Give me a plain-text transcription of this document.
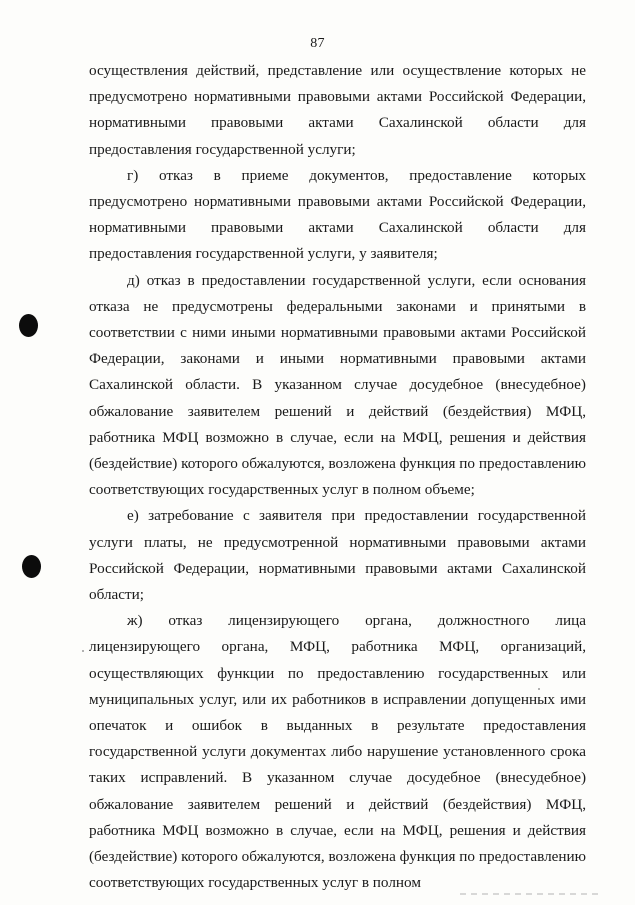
87

осуществления действий, представление или осуществление которых не предусмотрено нормативными правовыми актами Российской Федерации, нормативными правовыми актами Сахалинской области для предоставления государственной услуги;

г) отказ в приеме документов, предоставление которых предусмотрено нормативными правовыми актами Российской Федерации, нормативными правовыми актами Сахалинской области для предоставления государственной услуги, у заявителя;

д) отказ в предоставлении государственной услуги, если основания отказа не предусмотрены федеральными законами и принятыми в соответствии с ними иными нормативными правовыми актами Российской Федерации, законами и иными нормативными правовыми актами Сахалинской области. В указанном случае досудебное (внесудебное) обжалование заявителем решений и действий (бездействия) МФЦ, работника МФЦ возможно в случае, если на МФЦ, решения и действия (бездействие) которого обжалуются, возложена функция по предоставлению соответствующих государственных услуг в полном объеме;

е) затребование с заявителя при предоставлении государственной услуги платы, не предусмотренной нормативными правовыми актами Российской Федерации, нормативными правовыми актами Сахалинской области;

ж) отказ лицензирующего органа, должностного лица лицензирующего органа, МФЦ, работника МФЦ, организаций, осуществляющих функции по предоставлению государственных или муниципальных услуг, или их работников в исправлении допущенных ими опечаток и ошибок в выданных в результате предоставления государственной услуги документах либо нарушение установленного срока таких исправлений. В указанном случае досудебное (внесудебное) обжалование заявителем решений и действий (бездействия) МФЦ, работника МФЦ возможно в случае, если на МФЦ, решения и действия (бездействие) которого обжалуются, возложена функция по предоставлению соответствующих государственных услуг в полном
